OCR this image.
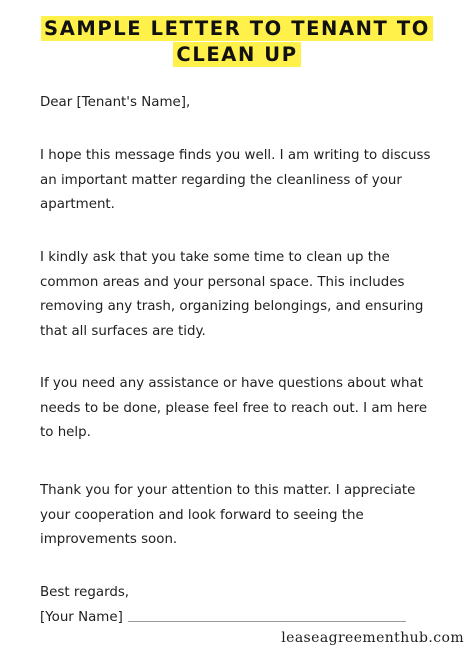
SAMPLE LETTER TO TENANT TO
CLEAN UP
Dear [Tenant's Name],
I hope this message finds you well. I am writing to discuss
an important matter regarding the cleanliness of your
apartment.
I kindly ask that you take some time to clean up the
common areas and your personal space. This includes
removing any trash, organizing belongings, and ensuring
that all surfaces are tidy.
If you need any assistance or have questions about what
needs to be done, please feel free to reach out. I am here
to help.
Thank you for your attention to this matter. I appreciate
your cooperation and look forward to seeing the
improvements soon.
Best regards,
[Your Name]
leaseagreementhub.com
